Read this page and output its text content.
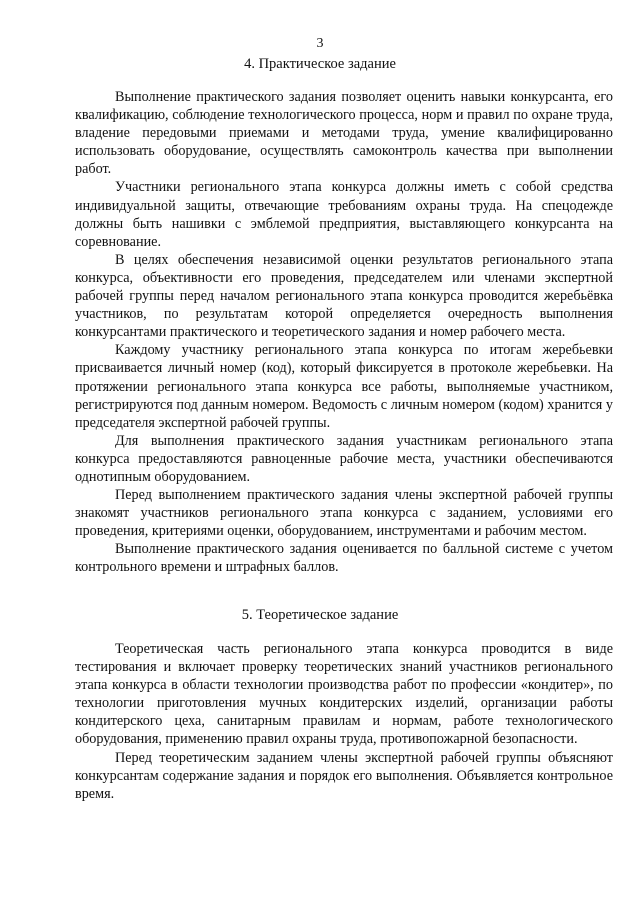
3
4. Практическое задание

Выполнение практического задания позволяет оценить навыки конкурсанта, его квалификацию, соблюдение технологического процесса, норм и правил по охране труда, владение передовыми приемами и методами труда, умение квалифицированно использовать оборудование, осуществлять самоконтроль качества при выполнении работ.

Участники регионального этапа конкурса должны иметь с собой средства индивидуальной защиты, отвечающие требованиям охраны труда. На спецодежде должны быть нашивки с эмблемой предприятия, выставляющего конкурсанта на соревнование.

В целях обеспечения независимой оценки результатов регионального этапа конкурса, объективности его проведения, председателем или членами экспертной рабочей группы перед началом регионального этапа конкурса проводится жеребьёвка участников, по результатам которой определяется очередность выполнения конкурсантами практического и теоретического задания и номер рабочего места.

Каждому участнику регионального этапа конкурса по итогам жеребьевки присваивается личный номер (код), который фиксируется в протоколе жеребьевки. На протяжении регионального этапа конкурса все работы, выполняемые участником, регистрируются под данным номером. Ведомость с личным номером (кодом) хранится у председателя экспертной рабочей группы.

Для выполнения практического задания участникам регионального этапа конкурса предоставляются равноценные рабочие места, участники обеспечиваются однотипным оборудованием.

Перед выполнением практического задания члены экспертной рабочей группы знакомят участников регионального этапа конкурса с заданием, условиями его проведения, критериями оценки, оборудованием, инструментами и рабочим местом.

Выполнение практического задания оценивается по балльной системе с учетом контрольного времени и штрафных баллов.

5. Теоретическое задание

Теоретическая часть регионального этапа конкурса проводится в виде тестирования и включает проверку теоретических знаний участников регионального этапа конкурса в области технологии производства работ по профессии «кондитер», по технологии приготовления мучных кондитерских изделий, организации работы кондитерского цеха, санитарным правилам и нормам, работе технологического оборудования, применению правил охраны труда, противопожарной безопасности.

Перед теоретическим заданием члены экспертной рабочей группы объясняют конкурсантам содержание задания и порядок его выполнения. Объявляется контрольное время.
